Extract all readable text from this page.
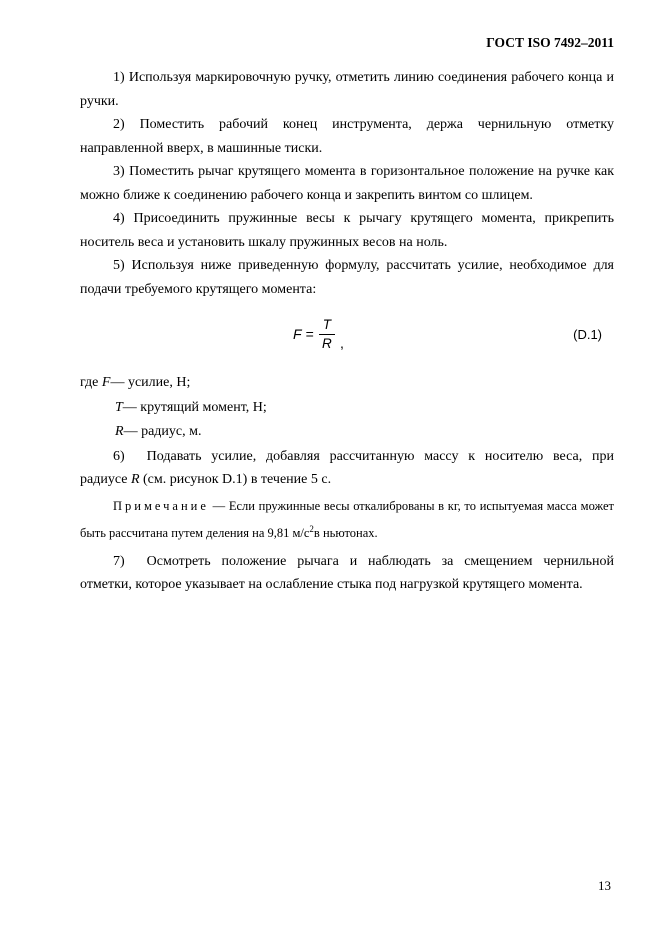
ГОСТ ISO 7492–2011

1) Используя маркировочную ручку, отметить линию соединения рабочего конца и ручки.

2) Поместить рабочий конец инструмента, держа чернильную отметку направленной вверх, в машинные тиски.

3) Поместить рычаг крутящего момента в горизонтальное положение на ручке как можно ближе к соединению рабочего конца и закрепить винтом со шлицем.

4) Присоединить пружинные весы к рычагу крутящего момента, прикрепить носитель веса и установить шкалу пружинных весов на ноль.

5) Используя ниже приведенную формулу, рассчитать усилие, необходимое для подачи требуемого крутящего момента:

$F = \frac{T}{R}$ ,
(D.1)

где F— усилие, Н;

T— крутящий момент, Н;

R— радиус, м.

6) Подавать усилие, добавляя рассчитанную массу к носителю веса, при радиусе R (см. рисунок D.1) в течение 5 с.

Примечание — Если пружинные весы откалиброваны в кг, то испытуемая масса может быть рассчитана путем деления на 9,81 $м/с^2в$ ньютонах.

7) Осмотреть положение рычага и наблюдать за смещением чернильной отметки, которое указывает на ослабление стыка под нагрузкой крутящего момента.

13
